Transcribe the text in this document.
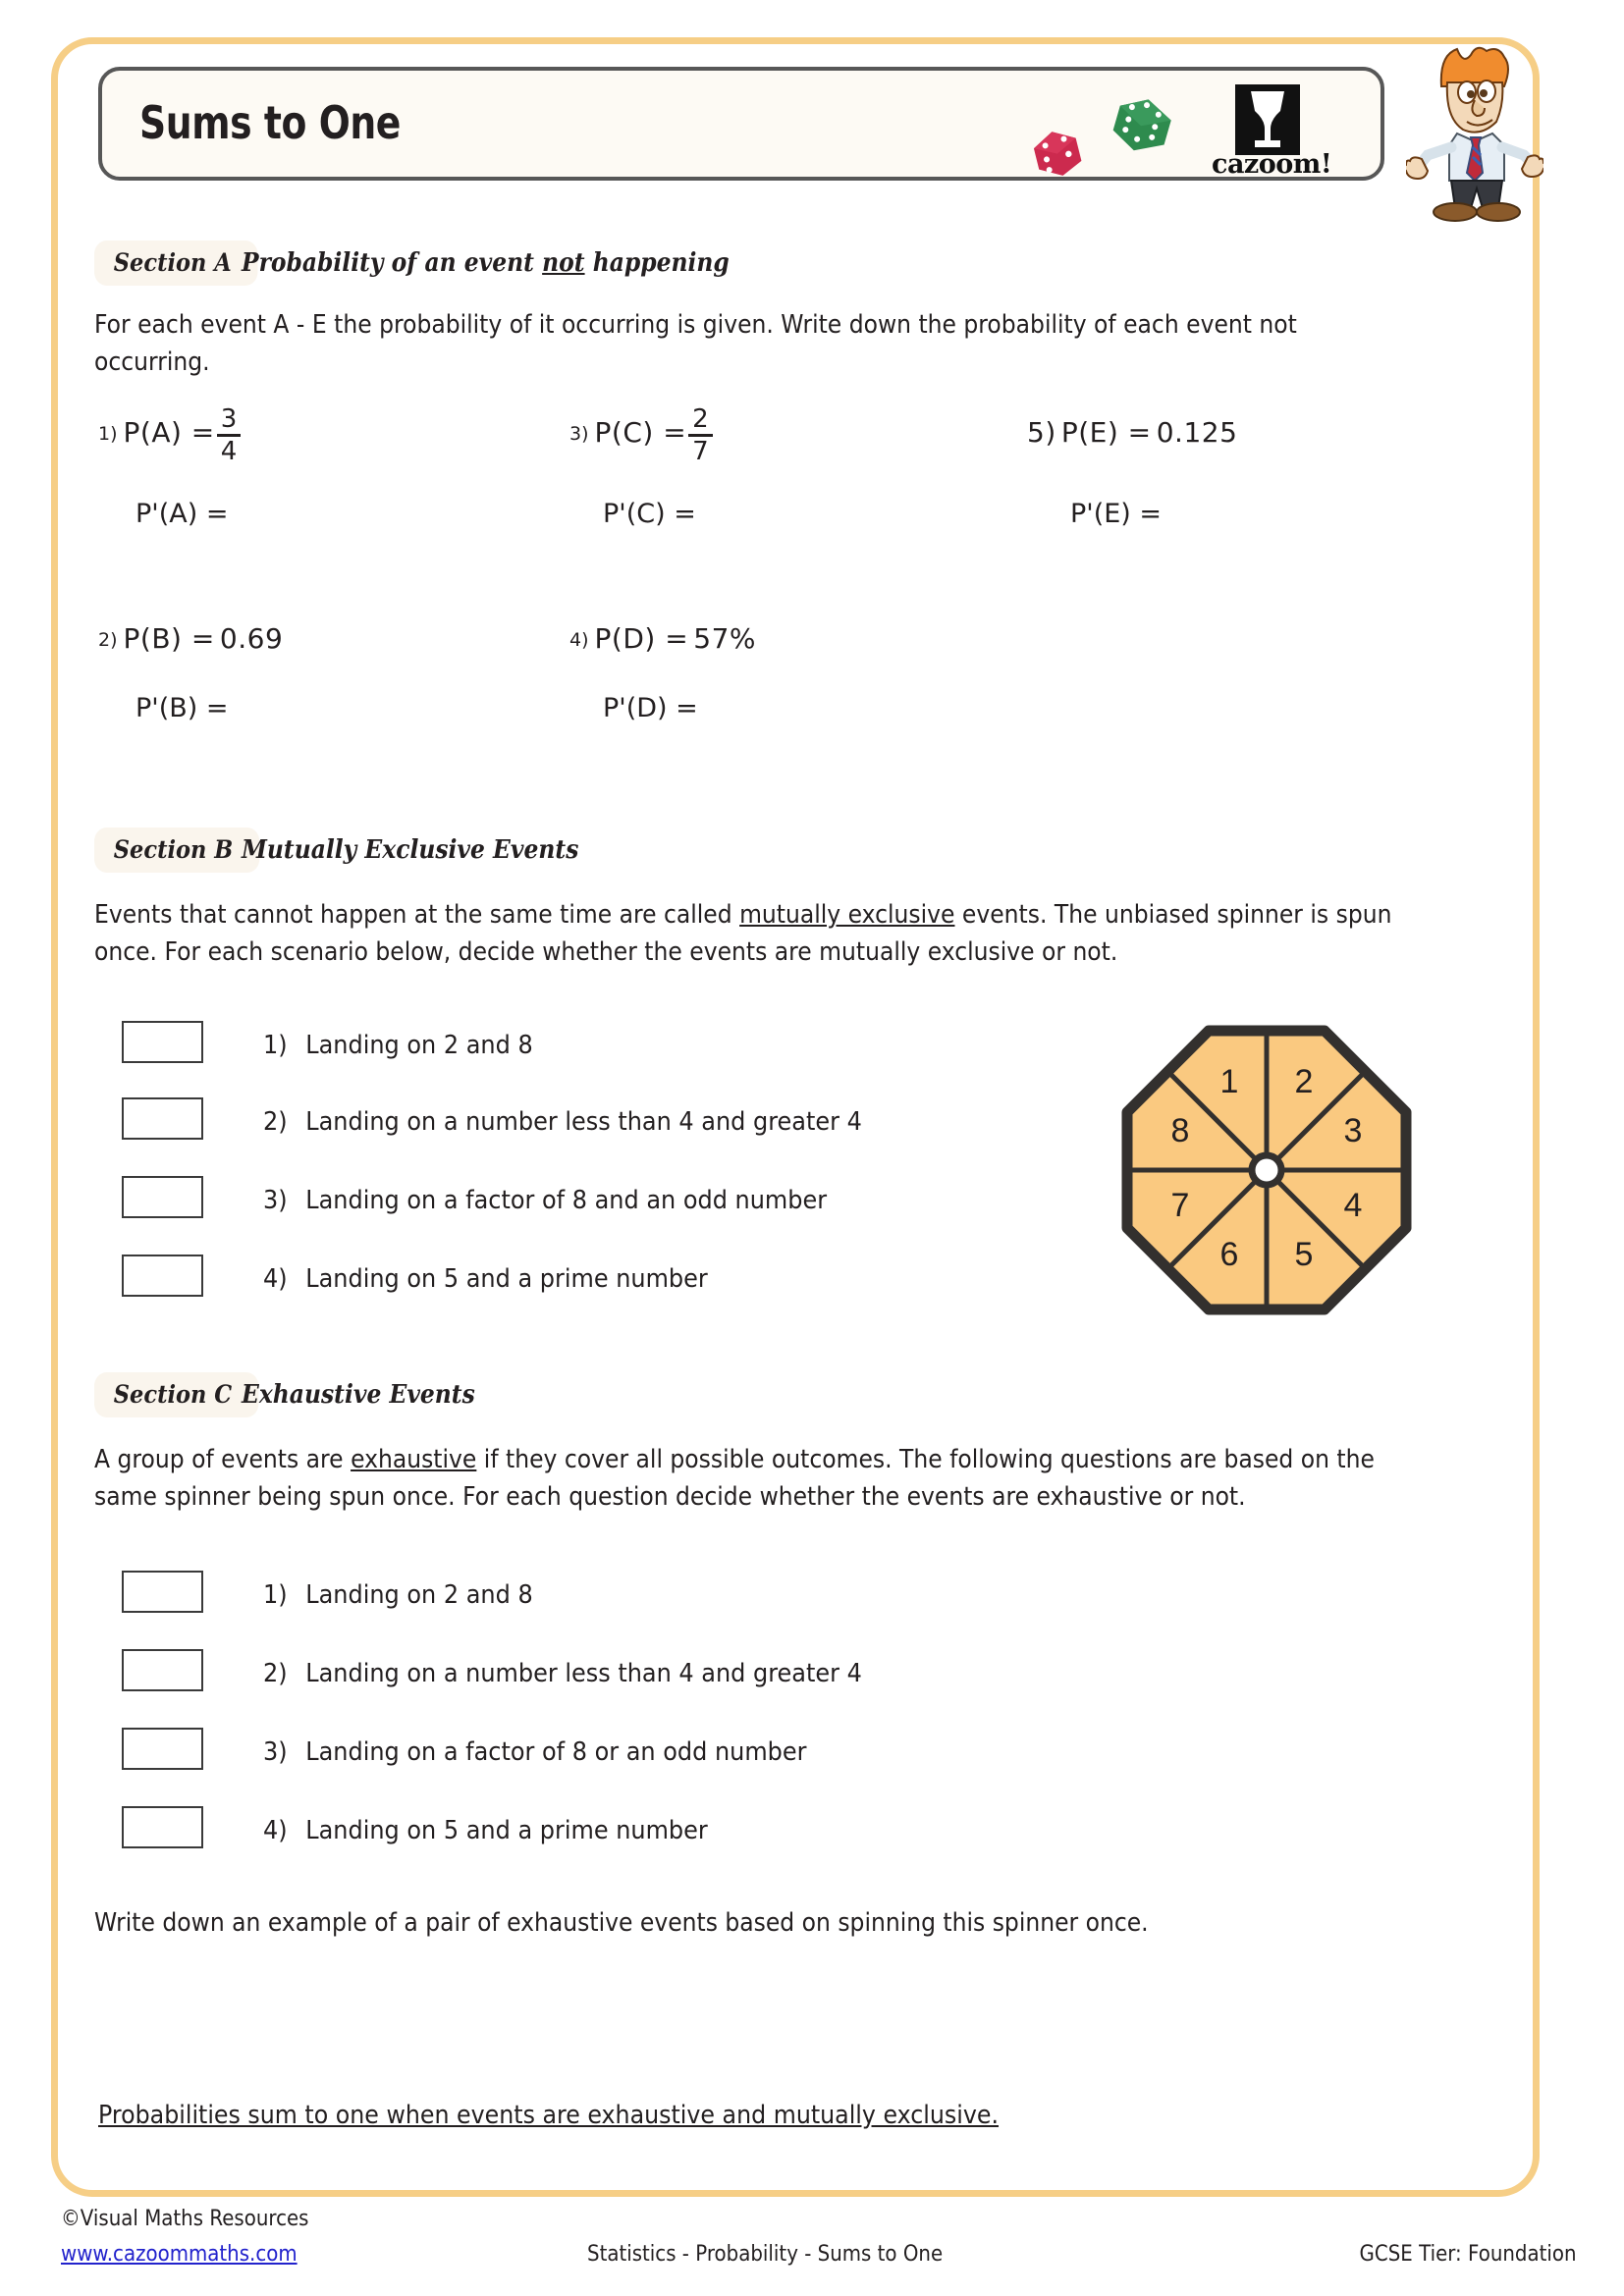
Sums to One
cazoom!
Section A Probability of an event not happening
For each event A - E the probability of it occurring is given. Write down the probability of each event not occurring.
1) $P(A) = \frac{3}{4}$
P'(A) =
3) $P(C) = \frac{2}{7}$
P'(C) =
5) P(E) = 0.125
P'(E) =
2) P(B) = 0.69
P'(B) =
4) P(D) = 57%
P'(D) =
Section B Mutually Exclusive Events
Events that cannot happen at the same time are called mutually exclusive events. The unbiased spinner is spun once. For each scenario below, decide whether the events are mutually exclusive or not.
1) Landing on 2 and 8
2) Landing on a number less than 4 and greater 4
3) Landing on a factor of 8 and an odd number
4) Landing on 5 and a prime number
1 2
3
4
5
6
7
8
Section C Exhaustive Events
A group of events are exhaustive if they cover all possible outcomes. The following questions are based on the same spinner being spun once. For each question decide whether the events are exhaustive or not.
1) Landing on 2 and 8
2) Landing on a number less than 4 and greater 4
3) Landing on a factor of 8 or an odd number
4) Landing on 5 and a prime number
Write down an example of a pair of exhaustive events based on spinning this spinner once.
Probabilities sum to one when events are exhaustive and mutually exclusive.
©Visual Maths Resources
www.cazoommaths.com	Statistics - Probability - Sums to One	GCSE Tier: Foundation
